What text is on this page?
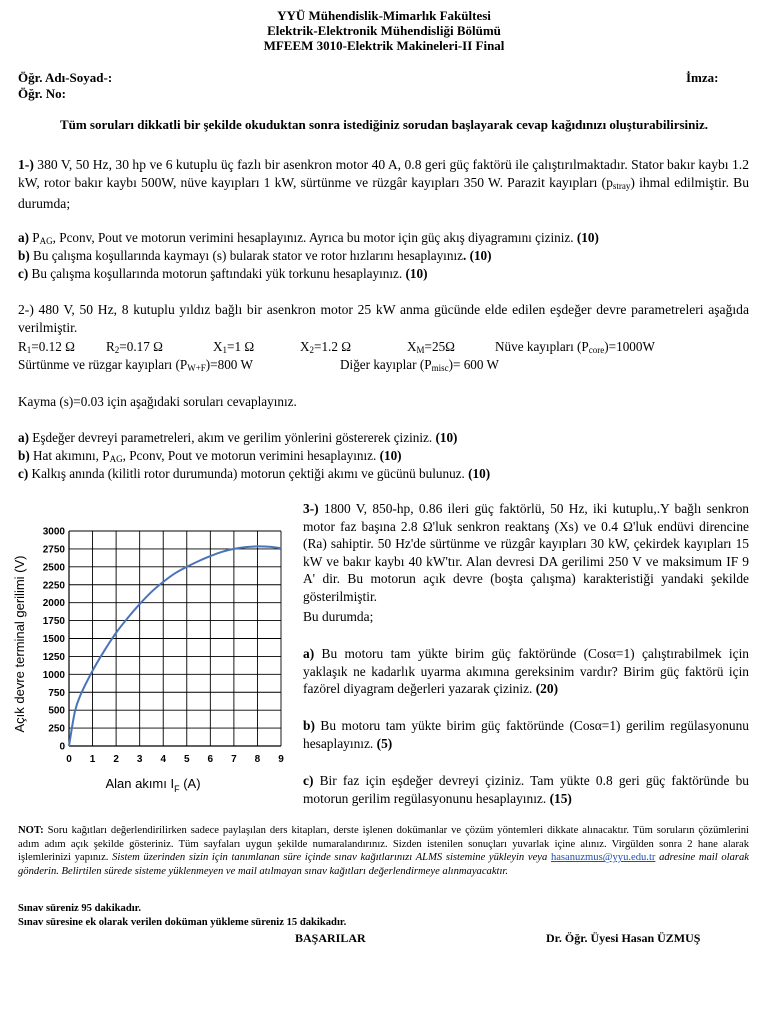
YYÜ Mühendislik-Mimarlık Fakültesi
Elektrik-Elektronik Mühendisliği Bölümü
MFEEM 3010-Elektrik Makineleri-II Final
Öğr. Adı-Soyad-:	İmza:
Öğr. No:
Tüm soruları dikkatli bir şekilde okuduktan sonra istediğiniz sorudan başlayarak cevap kağıdınızı oluşturabilirsiniz.
1-) 380 V, 50 Hz, 30 hp ve 6 kutuplu üç fazlı bir asenkron motor 40 A, 0.8 geri güç faktörü ile çalıştırılmaktadır. Stator bakır kaybı 1.2 kW, rotor bakır kaybı 500W, nüve kayıpları 1 kW, sürtünme ve rüzgâr kayıpları 350 W. Parazit kayıpları $(p_{stray})$ ihmal edilmiştir. Bu durumda;
a) $P_{AG}$, Pconv, Pout ve motorun verimini hesaplayınız. Ayrıca bu motor için güç akış diyagramını çiziniz. (10)
b) Bu çalışma koşullarında kaymayı (s) bularak stator ve rotor hızlarını hesaplayınız. (10)
c) Bu çalışma koşullarında motorun şaftındaki yük torkunu hesaplayınız. (10)
2-) 480 V, 50 Hz, 8 kutuplu yıldız bağlı bir asenkron motor 25 kW anma gücünde elde edilen eşdeğer devre parametreleri aşağıda verilmiştir.
$R_1=0.12$ Ω $R_2=0.17$ Ω	$X_1=1$ Ω	$X_2=1.2$ Ω	$X_M=25\Omega$	Nüve kayıpları $(P_{core})=1000W$
Sürtünme ve rüzgar kayıpları $(P_{W+F})=800$ W	Diğer kayıplar $(P_{misc})= 600$ W
Kayma (s)=0.03 için aşağıdaki soruları cevaplayınız.
a) Eşdeğer devreyi parametreleri, akım ve gerilim yönlerini göstererek çiziniz. (10)
b) Hat akımını, $P_{AG}$, Pconv, Pout ve motorun verimini hesaplayınız. (10)
c) Kalkış anında (kilitli rotor durumunda) motorun çektiği akımı ve gücünü bulunuz. (10)
0
250
500
750
1000
1250
1500
1750
2000
2250
2500
2750
3000
0 1 2 3 4 5 6 7 8 9
Açık devre terminal gerilimi (V)
Alan akımı $I_F$ (A)
3-) 1800 V, 850-hp, 0.86 ileri güç faktörlü, 50 Hz, iki kutuplu,.Y bağlı senkron motor faz başına 2.8 Ω'luk senkron reaktanş (Xs) ve 0.4 Ω'luk endüvi direncine (Ra) sahiptir. 50 Hz'de sürtünme ve rüzgâr kayıpları 30 kW, çekirdek kayıpları 15 kW ve bakır kaybı 40 kW'tır. Alan devresi DA gerilimi 250 V ve maksimum IF 9 A' dir. Bu motorun açık devre (boşta çalışma) karakteristiği yandaki şekilde gösterilmiştir.
Bu durumda;
a) Bu motoru tam yükte birim güç faktöründe (Cosα=1) çalıştırabilmek için yaklaşık ne kadarlık uyarma akımına gereksinim vardır? Birim güç faktörü için fazörel diyagram değerleri yazarak çiziniz. (20)
b) Bu motoru tam yükte birim güç faktöründe (Cosα=1) gerilim regülasyonunu hesaplayınız. (5)
c) Bir faz için eşdeğer devreyi çiziniz. Tam yükte 0.8 geri güç faktöründe bu motorun gerilim regülasyonunu hesaplayınız. (15)
NOT: Soru kağıtları değerlendirilirken sadece paylaşılan ders kitapları, derste işlenen dokümanlar ve çözüm yöntemleri dikkate alınacaktır. Tüm soruların çözümlerini adım adım açık şekilde gösteriniz. Tüm sayfaları uygun şekilde numaralandırınız. Sizden istenilen sonuçları yuvarlak içine alınız. Virgülden sonra 2 hane alarak işlemlerinizi yapınız. Sistem üzerinden sizin için tanımlanan süre içinde sınav kağıtlarınızı ALMS sistemine yükleyin veya hasanuzmus@yyu.edu.tr adresine mail olarak gönderin. Belirtilen sürede sisteme yüklenmeyen ve mail atılmayan sınav kağıtları değerlendirmeye alınmayacaktır.
Sınav süreniz 95 dakikadır.
Sınav süresine ek olarak verilen doküman yükleme süreniz 15 dakikadır.
BAŞARILAR	Dr. Öğr. Üyesi Hasan ÜZMUŞ
